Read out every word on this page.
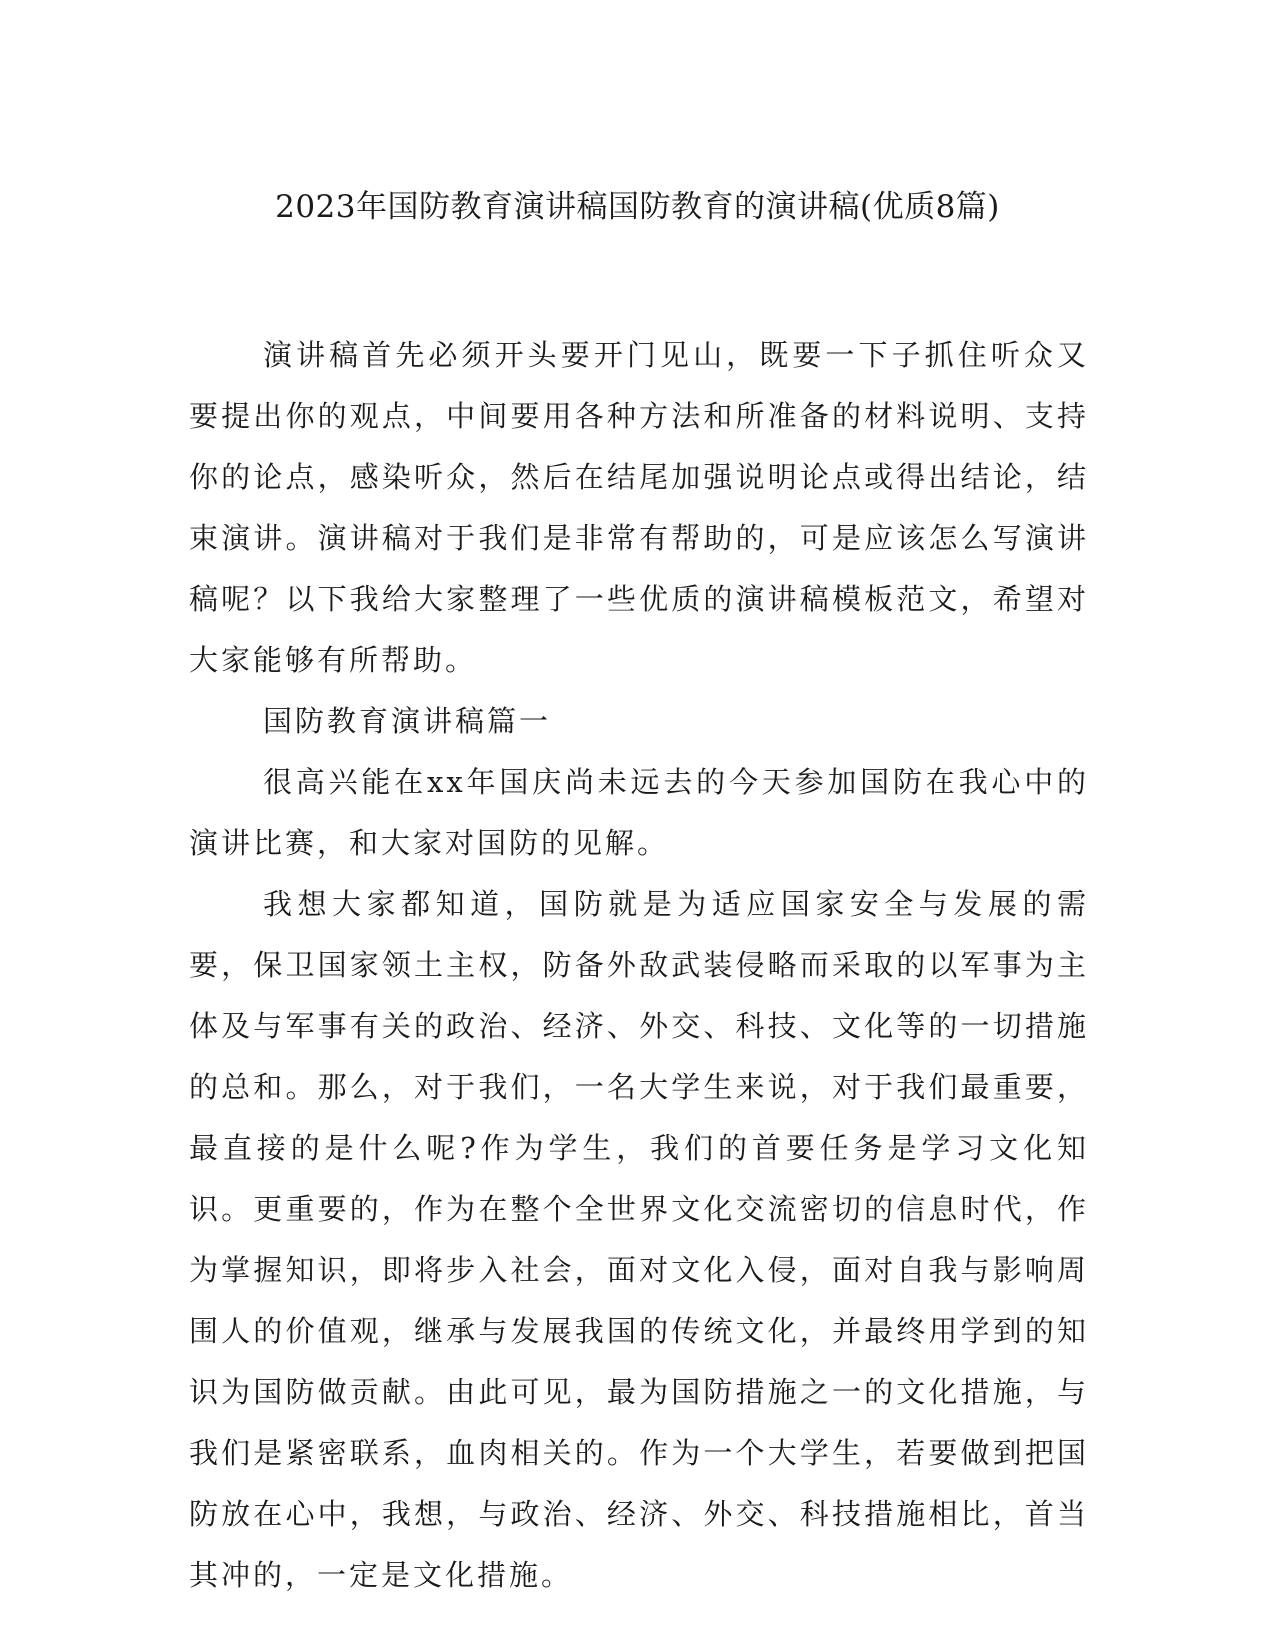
2023年国防教育演讲稿国防教育的演讲稿(优质8篇)

演讲稿首先必须开头要开门见山，既要一下子抓住听众又要提出你的观点，中间要用各种方法和所准备的材料说明、支持你的论点，感染听众，然后在结尾加强说明论点或得出结论，结束演讲。演讲稿对于我们是非常有帮助的，可是应该怎么写演讲稿呢？以下我给大家整理了一些优质的演讲稿模板范文，希望对大家能够有所帮助。

国防教育演讲稿篇一

很高兴能在xx年国庆尚未远去的今天参加国防在我心中的演讲比赛，和大家对国防的见解。

我想大家都知道，国防就是为适应国家安全与发展的需要，保卫国家领土主权，防备外敌武装侵略而采取的以军事为主体及与军事有关的政治、经济、外交、科技、文化等的一切措施的总和。那么，对于我们，一名大学生来说，对于我们最重要，最直接的是什么呢?作为学生，我们的首要任务是学习文化知识。更重要的，作为在整个全世界文化交流密切的信息时代，作为掌握知识，即将步入社会，面对文化入侵，面对自我与影响周围人的价值观，继承与发展我国的传统文化，并最终用学到的知识为国防做贡献。由此可见，最为国防措施之一的文化措施，与我们是紧密联系，血肉相关的。作为一个大学生，若要做到把国防放在心中，我想，与政治、经济、外交、科技措施相比，首当其冲的，一定是文化措施。
